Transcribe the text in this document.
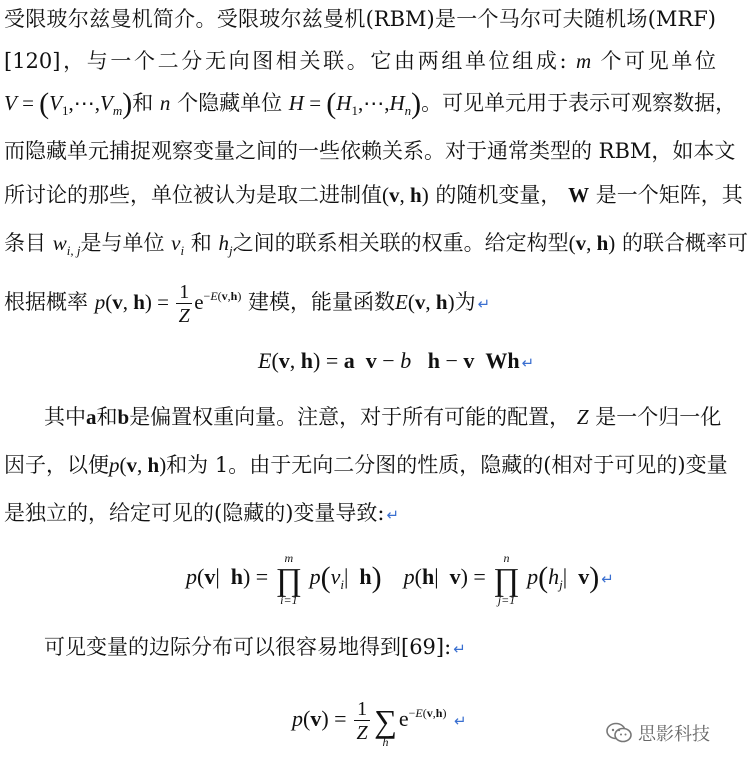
受限玻尔兹曼机简介。受限玻尔兹曼机(RBM)是一个马尔可夫随机场(MRF)
[120]，与一个二分无向图相关联。它由两组单位组成: m 个可见单位
$V = (V_1,\cdots,V_m)$和 n 个隐藏单位 $H = (H_1,\cdots,H_n)$。可见单元用于表示可观察数据，
而隐藏单元捕捉观察变量之间的一些依赖关系。对于通常类型的 RBM，如本文
所讨论的那些，单位被认为是取二进制值(v, h) 的随机变量， W 是一个矩阵，其
条目 $w_{i, j}$是与单位 $v_i$ 和 $h_j$之间的联系相关联的权重。给定构型(v, h) 的联合概率可
根据概率 p(v, $h) = \frac{1}{Z} e^{-E(v,h)}$ 建模，能量函数E(v, h)为 ↵
E(v, h) = a v − b h − v Wh ↵
其中a和b是偏置权重向量。注意，对于所有可能的配置， Z 是一个归一化
因子，以便p(v, h)和为 1。由于无向二分图的性质，隐藏的(相对于可见的)变量
是独立的，给定可见的(隐藏的)变量导致: ↵
p(v|  h) =
m
∏
i=1
$p(v_i|$  h) p(h|  v) =
n
∏
j=1
$p(h_j|$  v) ↵
可见变量的边际分布可以很容易地得到[69]: ↵
$p(v) = \frac{1}{Z}$
∑
h
$e^{-E(v,h)}$ ↵
思影科技
